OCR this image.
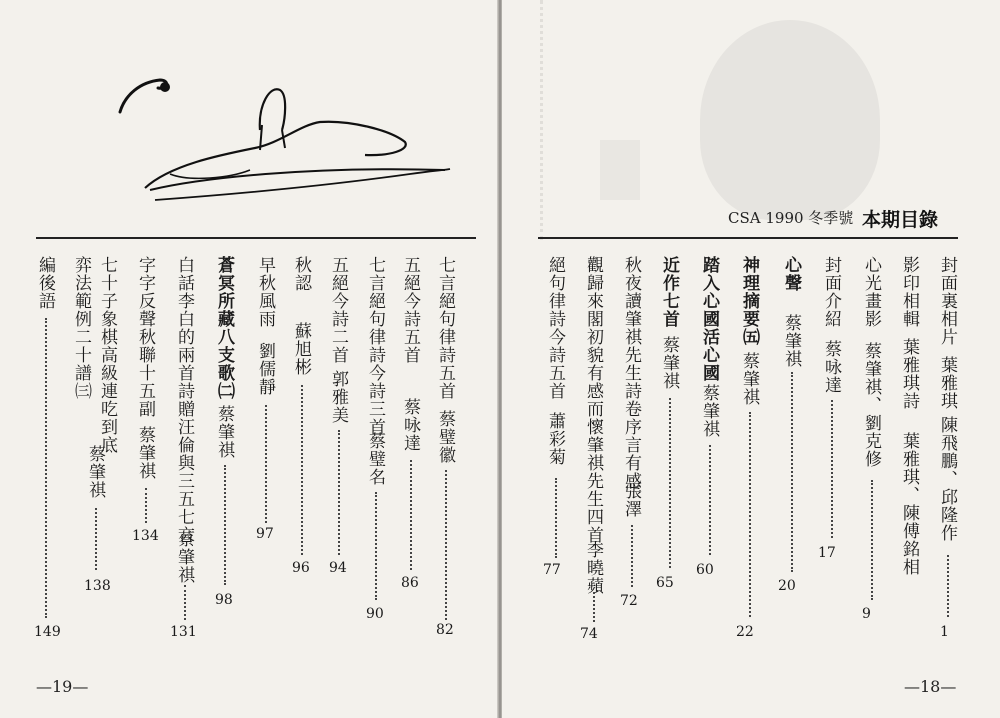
七言絕句律詩五首
蔡璧徽
82
五絕今詩五首
蔡咏達
86
七言絕句律詩今詩三首
蔡璧名
90
五絕今詩二首
郭雅美
94
秋認
蘇旭彬
96
早秋風雨
劉儒靜
97
蒼冥所藏八支歌㈡
蔡肇祺
98
白話李白的兩首詩贈汪倫與三五七言
蔡肇祺
131
字字反聲秋聯十五副
蔡肇祺
134
七十子象棋高級連吃到底
弈法範例二十譜㈢
蔡肇祺
138
編後語
149
—19—	—18—
CSA 1990 冬季號 本期目錄
封面裏相片
葉雅琪
影印相輯
葉雅琪詩
陳飛鵬、邱隆作
葉雅琪、陳傅銘相
1
心光畫影
蔡肇祺、劉克修
9
封面介紹
蔡咏達
17
心聲
蔡肇祺
20
神理摘要㈤
蔡肇祺
22
踏入心國活心國
蔡肇祺
60
近作七首
蔡肇祺
65
秋夜讀肇祺先生詩卷序言有感
張澤
72
觀歸來閣初貌有感而懷肇祺先生四首
李曉蘋
74
絕句律詩今詩五首
蕭彩菊
77
